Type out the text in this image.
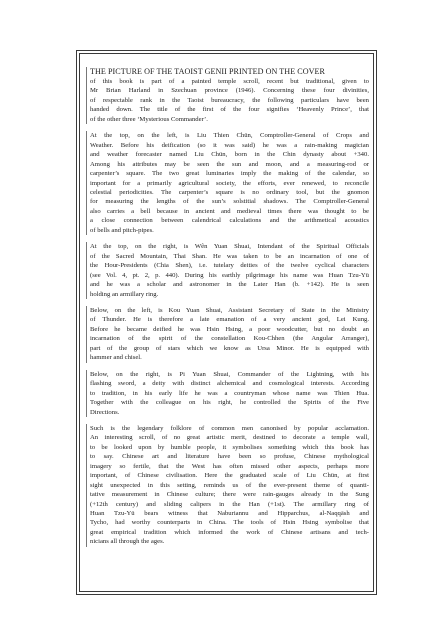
THE PICTURE OF THE TAOIST GENII PRINTED ON THE COVER

of this book is part of a painted temple scroll, recent but traditional, given to
Mr Brian Harland in Szechuan province (1946). Concerning these four divinities,
of respectable rank in the Taoist bureaucracy, the following particulars have been
handed down. The title of the first of the four signifies ‘Heavenly Prince’, that
of the other three ‘Mysterious Commander’.

At the top, on the left, is Liu Thien Chün, Comptroller-General of Crops and
Weather. Before his deification (so it was said) he was a rain-making magician
and weather forecaster named Liu Chün, born in the Chin dynasty about +340.
Among his attributes may be seen the sun and moon, and a measuring-rod or
carpenter’s square. The two great luminaries imply the making of the calendar, so
important for a primarily agricultural society, the efforts, ever renewed, to reconcile
celestial periodicities. The carpenter’s square is no ordinary tool, but the gnomon
for measuring the lengths of the sun’s solstitial shadows. The Comptroller-General
also carries a bell because in ancient and medieval times there was thought to be
a close connection between calendrical calculations and the arithmetical acoustics
of bells and pitch-pipes.

At the top, on the right, is Wên Yuan Shuai, Intendant of the Spiritual Officials
of the Sacred Mountain, Thai Shan. He was taken to be an incarnation of one of
the Hour-Presidents (Chia Shen), i.e. tutelary deities of the twelve cyclical characters
(see Vol. 4, pt. 2, p. 440). During his earthly pilgrimage his name was Huan Tzu-Yü
and he was a scholar and astronomer in the Later Han (b. +142). He is seen
holding an armillary ring.

Below, on the left, is Kou Yuan Shuai, Assistant Secretary of State in the Ministry
of Thunder. He is therefore a late emanation of a very ancient god, Lei Kung.
Before he became deified he was Hsin Hsing, a poor woodcutter, but no doubt an
incarnation of the spirit of the constellation Kou-Chhen (the Angular Arranger),
part of the group of stars which we know as Ursa Minor. He is equipped with
hammer and chisel.

Below, on the right, is Pi Yuan Shuai, Commander of the Lightning, with his
flashing sword, a deity with distinct alchemical and cosmological interests. According
to tradition, in his early life he was a countryman whose name was Thien Hua.
Together with the colleague on his right, he controlled the Spirits of the Five
Directions.

Such is the legendary folklore of common men canonised by popular acclamation.
An interesting scroll, of no great artistic merit, destined to decorate a temple wall,
to be looked upon by humble people, it symbolises something which this book has
to say. Chinese art and literature have been so profuse, Chinese mythological
imagery so fertile, that the West has often missed other aspects, perhaps more
important, of Chinese civilisation. Here the graduated scale of Liu Chün, at first
sight unexpected in this setting, reminds us of the ever-present theme of quanti-
tative measurement in Chinese culture; there were rain-gauges already in the Sung
(+12th century) and sliding calipers in the Han (+1st). The armillary ring of
Huan Tzu-Yü bears witness that Naburiannu and Hipparchus, al-Naqqāsh and
Tycho, had worthy counterparts in China. The tools of Hsin Hsing symbolise that
great empirical tradition which informed the work of Chinese artisans and tech-
nicians all through the ages.
